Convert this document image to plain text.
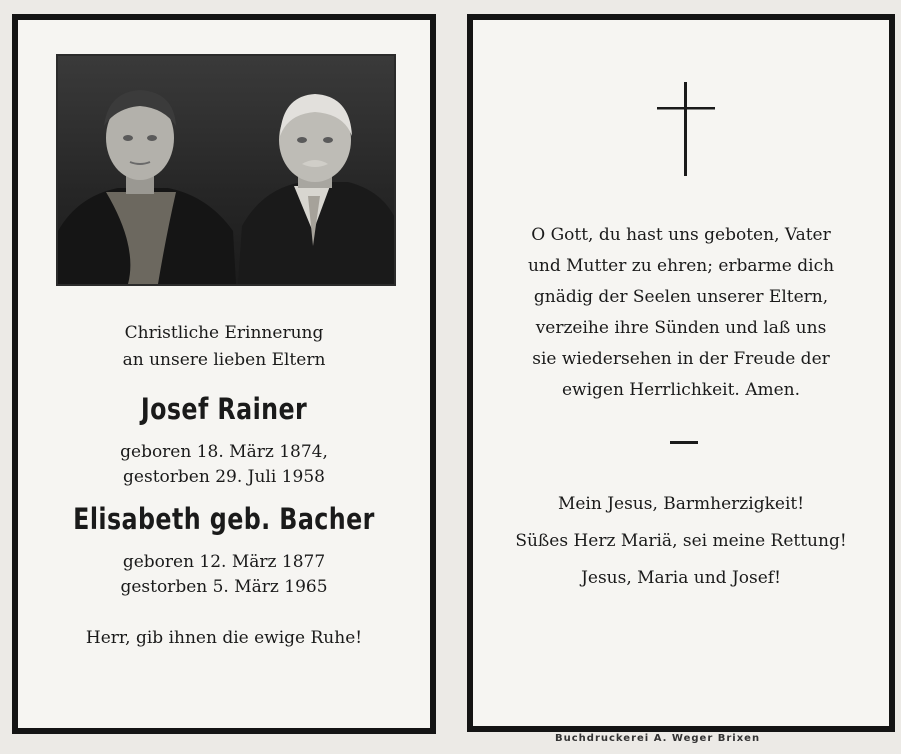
Christliche Erinnerung
an unsere lieben Eltern
Josef Rainer
geboren 18. März 1874,
gestorben 29. Juli 1958
Elisabeth geb. Bacher
geboren 12. März 1877
gestorben 5. März 1965
Herr, gib ihnen die ewige Ruhe!
O Gott, du hast uns geboten, Vater
und Mutter zu ehren; erbarme dich
gnädig der Seelen unserer Eltern,
verzeihe ihre Sünden und laß uns
sie wiedersehen in der Freude der
ewigen Herrlichkeit. Amen.
Mein Jesus, Barmherzigkeit!
Süßes Herz Mariä, sei meine Rettung!
Jesus, Maria und Josef!
Buchdruckerei A. Weger Brixen
